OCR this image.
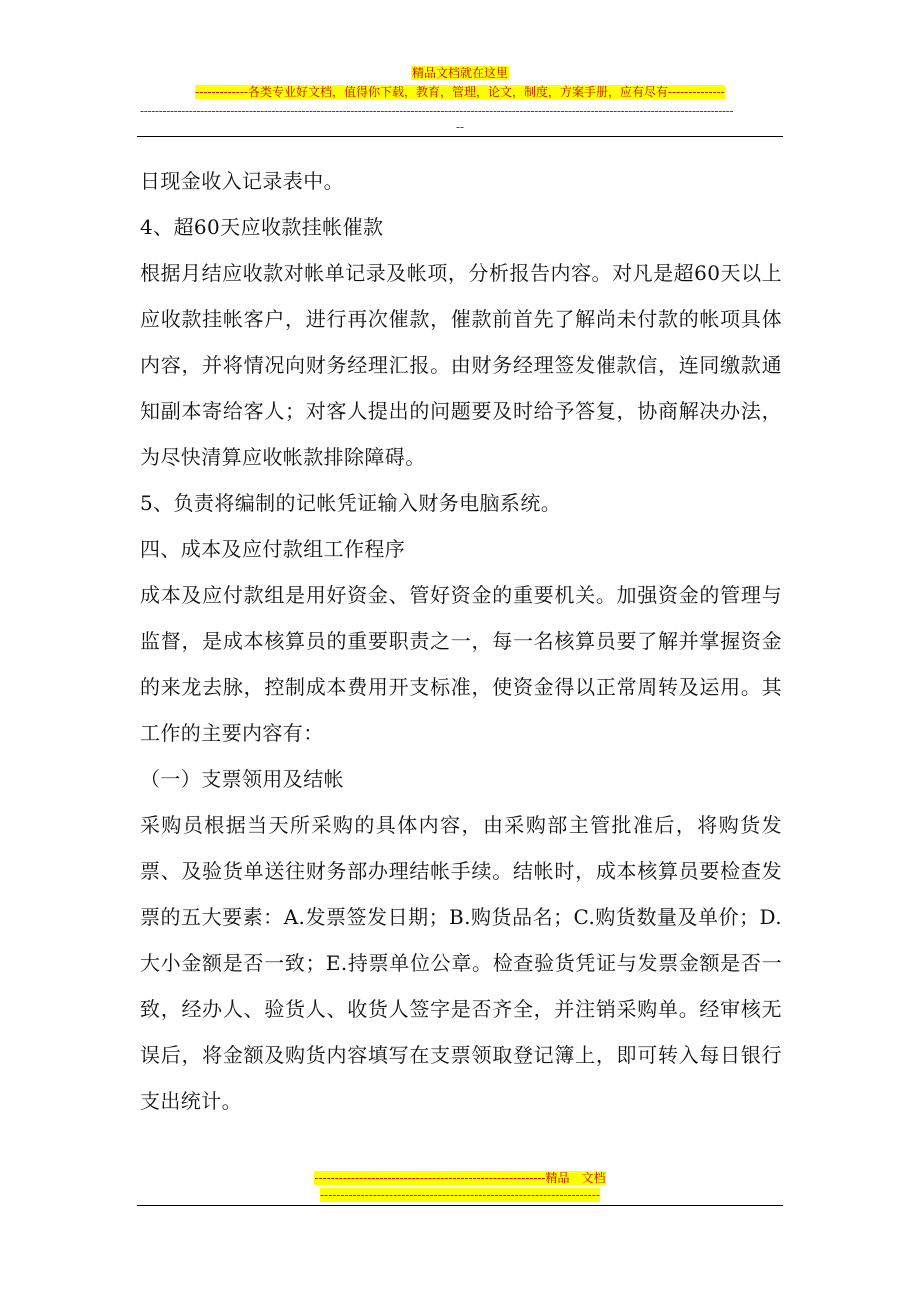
精品文档就在这里
-------------各类专业好文档，值得你下载，教育，管理，论文，制度，方案手册，应有尽有--------------
--------------------------------------------------------------------------------------------------------------------------------------------------------------
--

日现金收入记录表中。

4、超60天应收款挂帐催款

根据月结应收款对帐单记录及帐项，分析报告内容。对凡是超60天以上应收款挂帐客户，进行再次催款，催款前首先了解尚未付款的帐项具体内容，并将情况向财务经理汇报。由财务经理签发催款信，连同缴款通知副本寄给客人；对客人提出的问题要及时给予答复，协商解决办法，为尽快清算应收帐款排除障碍。

5、负责将编制的记帐凭证输入财务电脑系统。

四、成本及应付款组工作程序

成本及应付款组是用好资金、管好资金的重要机关。加强资金的管理与监督，是成本核算员的重要职责之一，每一名核算员要了解并掌握资金的来龙去脉，控制成本费用开支标准，使资金得以正常周转及运用。其工作的主要内容有：

（一）支票领用及结帐

采购员根据当天所采购的具体内容，由采购部主管批准后，将购货发票、及验货单送往财务部办理结帐手续。结帐时，成本核算员要检查发票的五大要素：A.发票签发日期；B.购货品名；C.购货数量及单价；D.大小金额是否一致；E.持票单位公章。检查验货凭证与发票金额是否一致，经办人、验货人、收货人签字是否齐全，并注销采购单。经审核无误后，将金额及购货内容填写在支票领取登记簿上，即可转入每日银行支出统计。

---------------------------------------------------------精品　文档
---------------------------------------------------------------------
